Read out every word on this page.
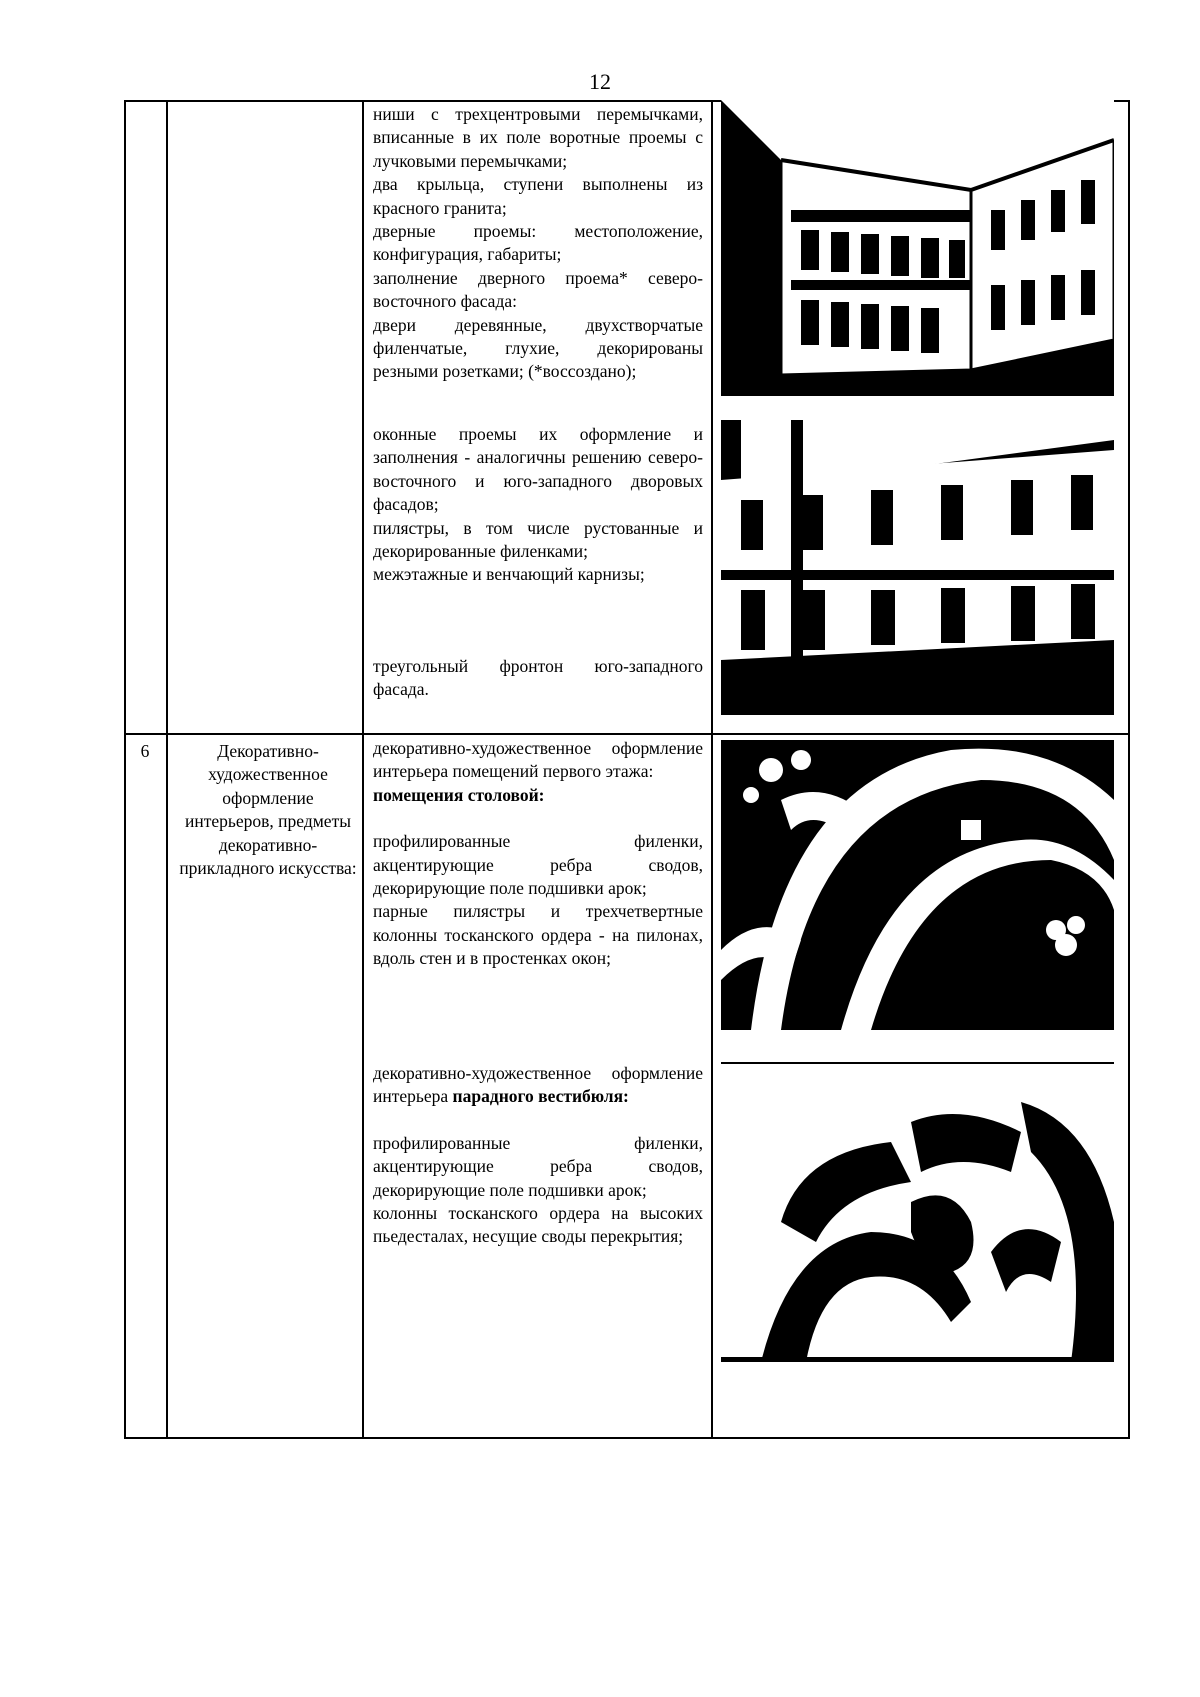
12

ниши с трехцентровыми перемычками, вписанные в их поле воротные проемы с лучковыми перемычками;

два крыльца, ступени выполнены из красного гранита;

дверные проемы: местоположение, конфигурация, габариты;

заполнение дверного проема* северо-восточного фасада:

двери деревянные, двухстворчатые филенчатые, глухие, декорированы резными розетками; (*воссоздано);

оконные проемы их оформление и заполнения - аналогичны решению северо-восточного и юго-западного дворовых фасадов;

пилястры, в том числе рустованные и декорированные филенками;

межэтажные и венчающий карнизы;

треугольный фронтон юго-западного фасада.

6	Декоративно-художественное оформление интерьеров, предметы декоративно-прикладного искусства:

декоративно-художественное оформление интерьера помещений первого этажа:

помещения столовой:

профилированные филенки, акцентирующие ребра сводов, декорирующие поле подшивки арок;

парные пилястры и трехчетвертные колонны тосканского ордера - на пилонах, вдоль стен и в простенках окон;

декоративно-художественное оформление интерьера парадного вестибюля:

профилированные филенки, акцентирующие ребра сводов, декорирующие поле подшивки арок;

колонны тосканского ордера на высоких пьедесталах, несущие своды перекрытия;
